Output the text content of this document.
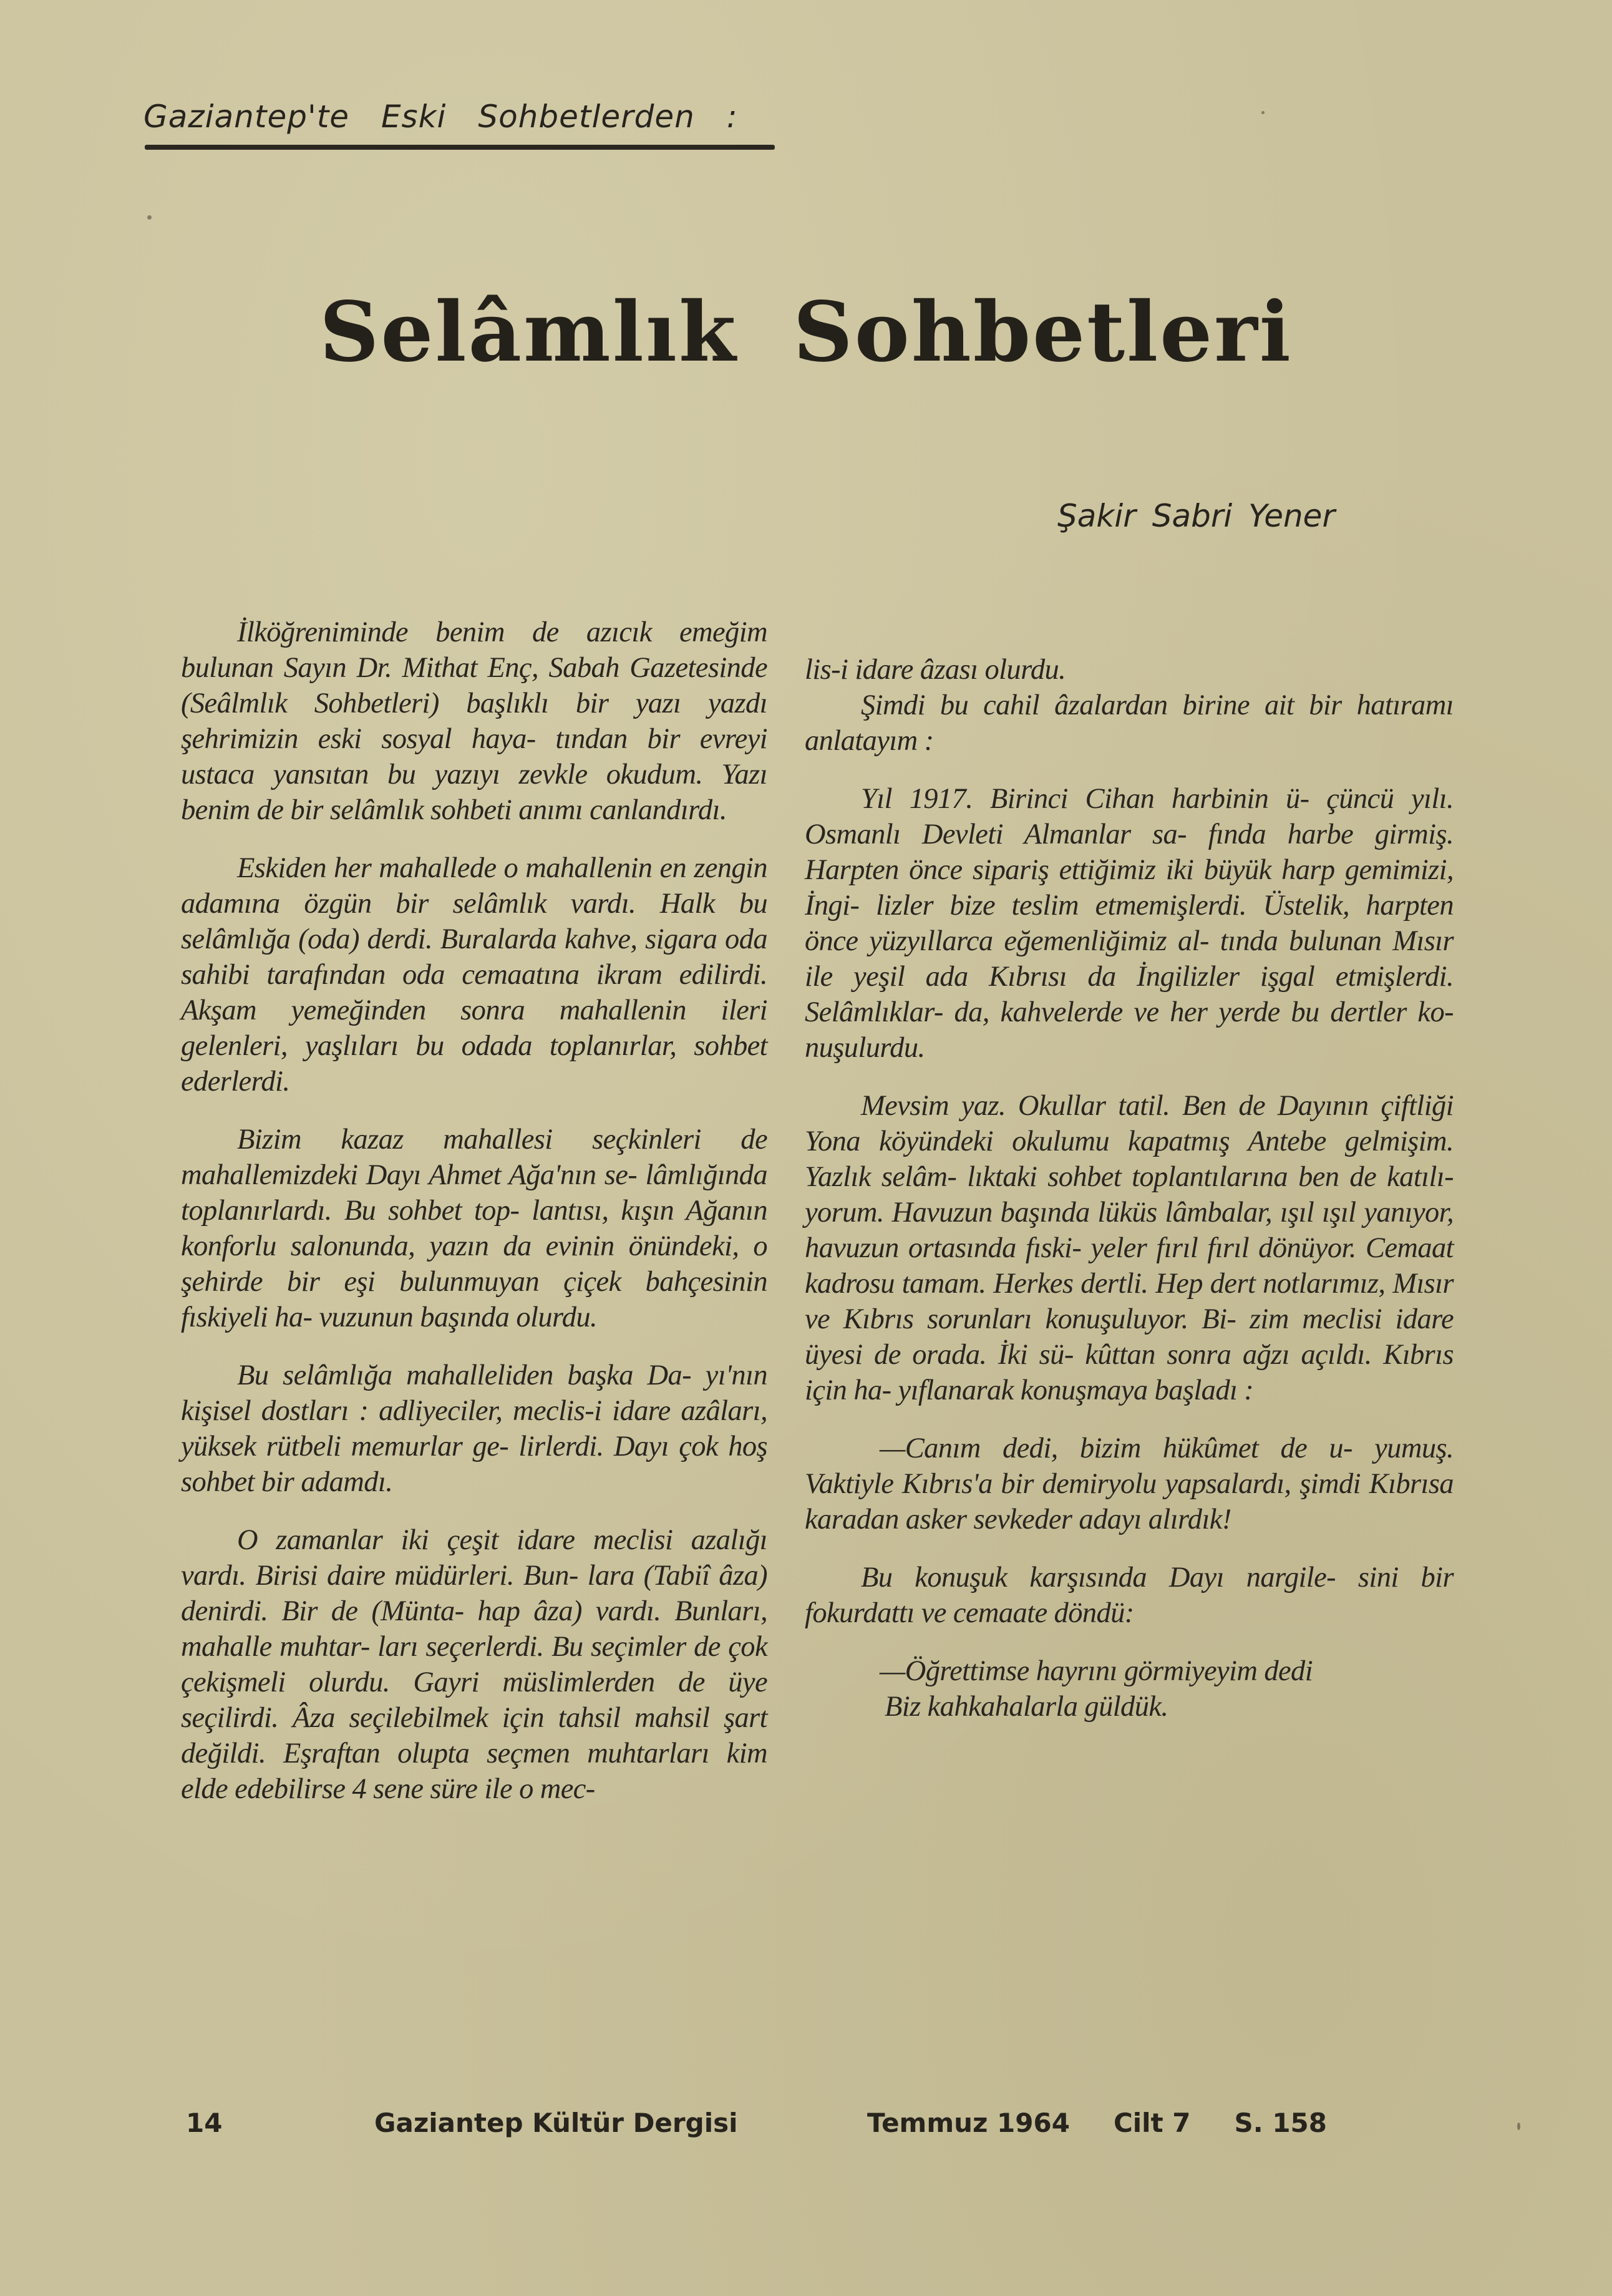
Gaziantep'te Eski Sohbetlerden :
Selâmlık Sohbetleri
Şakir Sabri Yener

İlköğreniminde benim de azıcık emeğim bulunan Sayın Dr. Mithat Enç, Sabah Gazetesinde (Seâlmlık Sohbetleri) başlıklı bir yazı yazdı şehrimizin eski sosyal haya- tından bir evreyi ustaca yansıtan bu yazıyı zevkle okudum. Yazı benim de bir selâmlık sohbeti anımı canlandırdı.

Eskiden her mahallede o mahallenin en zengin adamına özgün bir selâmlık vardı. Halk bu selâmlığa (oda) derdi. Buralarda kahve, sigara oda sahibi tarafından oda cemaatına ikram edilirdi. Akşam yemeğinden sonra mahallenin ileri gelenleri, yaşlıları bu odada toplanırlar, sohbet ederlerdi.

Bizim kazaz mahallesi seçkinleri de mahallemizdeki Dayı Ahmet Ağa'nın se- lâmlığında toplanırlardı. Bu sohbet top- lantısı, kışın Ağanın konforlu salonunda, yazın da evinin önündeki, o şehirde bir eşi bulunmuyan çiçek bahçesinin fıskiyeli ha- vuzunun başında olurdu.

Bu selâmlığa mahalleliden başka Da- yı'nın kişisel dostları : adliyeciler, meclis-i idare azâları, yüksek rütbeli memurlar ge- lirlerdi. Dayı çok hoş sohbet bir adamdı.

O zamanlar iki çeşit idare meclisi azalığı vardı. Birisi daire müdürleri. Bun- lara (Tabiî âza) denirdi. Bir de (Münta- hap âza) vardı. Bunları, mahalle muhtar- ları seçerlerdi. Bu seçimler de çok çekişmeli olurdu. Gayri müslimlerden de üye seçilirdi. Âza seçilebilmek için tahsil mahsil şart değildi. Eşraftan olupta seçmen muhtarları kim elde edebilirse 4 sene süre ile o mec-

lis-i idare âzası olurdu.

Şimdi bu cahil âzalardan birine ait bir hatıramı anlatayım :

Yıl 1917. Birinci Cihan harbinin ü- çüncü yılı. Osmanlı Devleti Almanlar sa- fında harbe girmiş. Harpten önce sipariş ettiğimiz iki büyük harp gemimizi, İngi- lizler bize teslim etmemişlerdi. Üstelik, harpten önce yüzyıllarca eğemenliğimiz al- tında bulunan Mısır ile yeşil ada Kıbrısı da İngilizler işgal etmişlerdi. Selâmlıklar- da, kahvelerde ve her yerde bu dertler ko- nuşulurdu.

Mevsim yaz. Okullar tatil. Ben de Dayının çiftliği Yona köyündeki okulumu kapatmış Antebe gelmişim. Yazlık selâm- lıktaki sohbet toplantılarına ben de katılı- yorum. Havuzun başında lüküs lâmbalar, ışıl ışıl yanıyor, havuzun ortasında fıski- yeler fırıl fırıl dönüyor. Cemaat kadrosu tamam. Herkes dertli. Hep dert notlarımız, Mısır ve Kıbrıs sorunları konuşuluyor. Bi- zim meclisi idare üyesi de orada. İki sü- kûttan sonra ağzı açıldı. Kıbrıs için ha- yıflanarak konuşmaya başladı :

—Canım dedi, bizim hükûmet de u- yumuş. Vaktiyle Kıbrıs'a bir demiryolu yapsalardı, şimdi Kıbrısa karadan asker sevkeder adayı alırdık!

Bu konuşuk karşısında Dayı nargile- sini bir fokurdattı ve cemaate döndü:

—Öğrettimse hayrını görmiyeyim dedi

Biz kahkahalarla güldük.

14	Gaziantep Kültür Dergisi	Temmuz 1964 Cilt 7 S. 158
